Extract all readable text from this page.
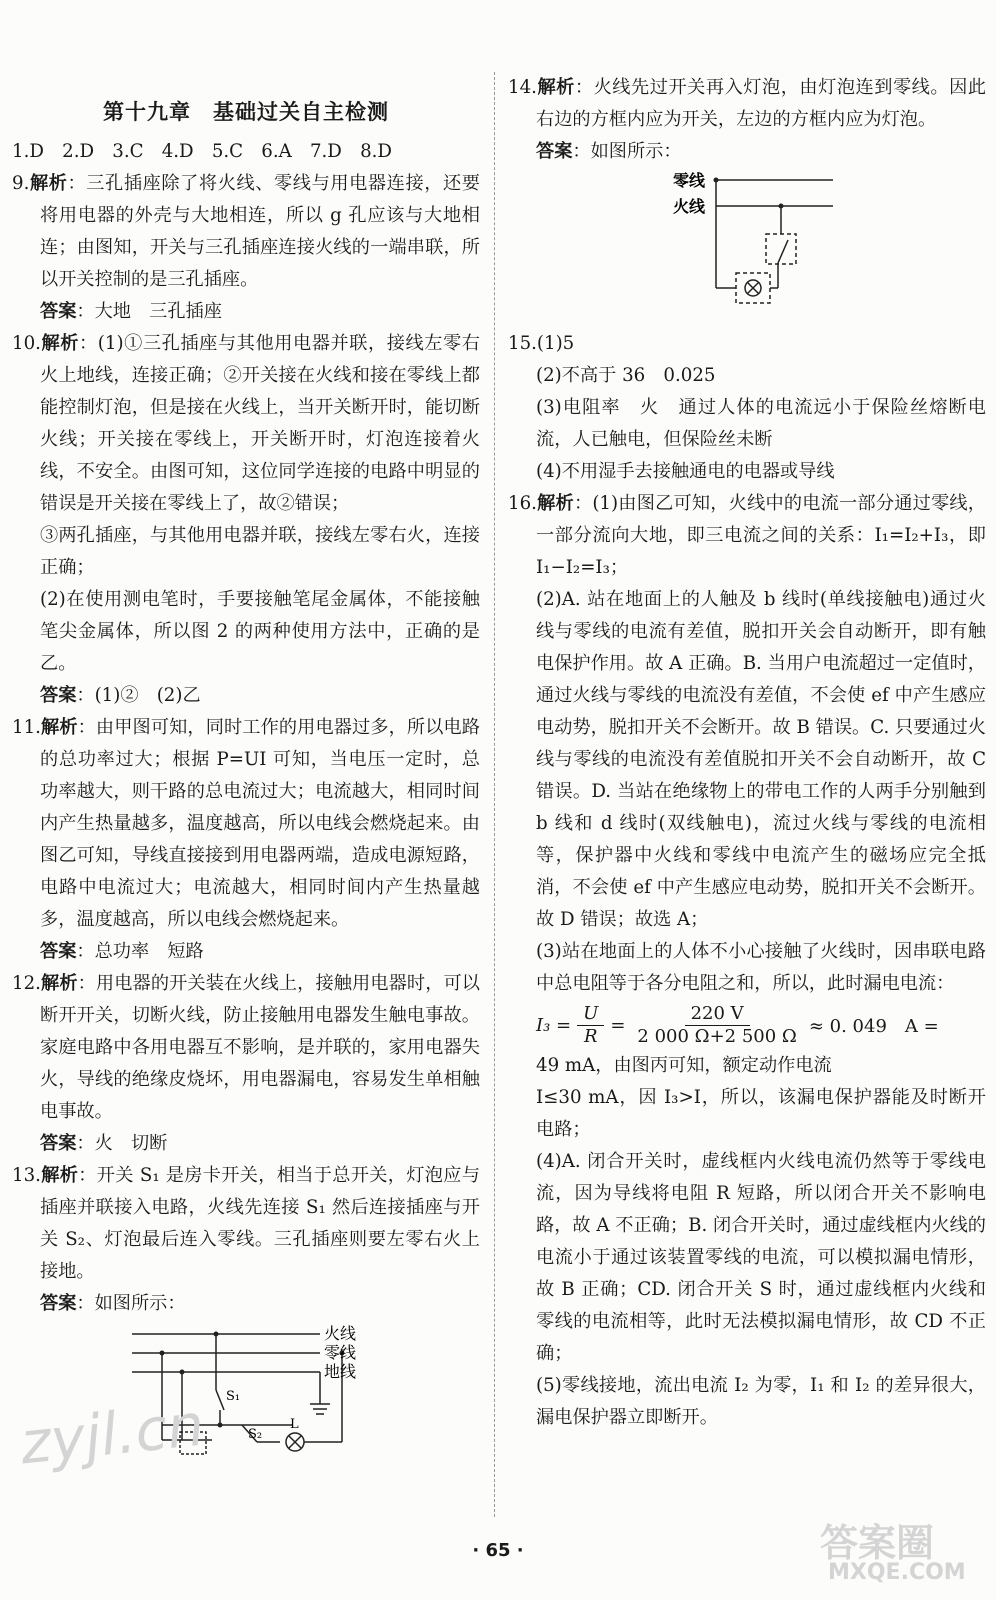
第十九章　基础过关自主检测

1.D　2.D　3.C　4.D　5.C　6.A　7.D　8.D

9.解析：三孔插座除了将火线、零线与用电器连接，还要将用电器的外壳与大地相连，所以 g 孔应该与大地相连；由图知，开关与三孔插座连接火线的一端串联，所以开关控制的是三孔插座。

答案：大地　三孔插座

10.解析：(1)①三孔插座与其他用电器并联，接线左零右火上地线，连接正确；②开关接在火线和接在零线上都能控制灯泡，但是接在火线上，当开关断开时，能切断火线；开关接在零线上，开关断开时，灯泡连接着火线，不安全。由图可知，这位同学连接的电路中明显的错误是开关接在零线上了，故②错误；

③两孔插座，与其他用电器并联，接线左零右火，连接正确；

(2)在使用测电笔时，手要接触笔尾金属体，不能接触笔尖金属体，所以图 2 的两种使用方法中，正确的是乙。

答案：(1)②　(2)乙

11.解析：由甲图可知，同时工作的用电器过多，所以电路的总功率过大；根据 P=UI 可知，当电压一定时，总功率越大，则干路的总电流过大；电流越大，相同时间内产生热量越多，温度越高，所以电线会燃烧起来。由图乙可知，导线直接接到用电器两端，造成电源短路，电路中电流过大；电流越大，相同时间内产生热量越多，温度越高，所以电线会燃烧起来。

答案：总功率　短路

12.解析：用电器的开关装在火线上，接触用电器时，可以断开开关，切断火线，防止接触用电器发生触电事故。家庭电路中各用电器互不影响，是并联的，家用电器失火，导线的绝缘皮烧坏，用电器漏电，容易发生单相触电事故。

答案：火　切断

13.解析：开关 S₁ 是房卡开关，相当于总开关，灯泡应与插座并联接入电路，火线先连接 S₁ 然后连接插座与开关 S₂、灯泡最后连入零线。三孔插座则要左零右火上接地。

答案：如图所示：

火线
零线
地线
S₁
S₂
L

14.解析：火线先过开关再入灯泡，由灯泡连到零线。因此右边的方框内应为开关，左边的方框内应为灯泡。

答案：如图所示：

零线
火线

15.(1)5

(2)不高于 36　0.025

(3)电阻率　火　通过人体的电流远小于保险丝熔断电流，人已触电，但保险丝未断

(4)不用湿手去接触通电的电器或导线

16.解析：(1)由图乙可知，火线中的电流一部分通过零线，一部分流向大地，即三电流之间的关系：I₁=I₂+I₃，即 I₁−I₂=I₃；

(2)A. 站在地面上的人触及 b 线时(单线接触电)通过火线与零线的电流有差值，脱扣开关会自动断开，即有触电保护作用。故 A 正确。B. 当用户电流超过一定值时，通过火线与零线的电流没有差值，不会使 ef 中产生感应电动势，脱扣开关不会断开。故 B 错误。C. 只要通过火线与零线的电流没有差值脱扣开关不会自动断开，故 C 错误。D. 当站在绝缘物上的带电工作的人两手分别触到 b 线和 d 线时(双线触电)，流过火线与零线的电流相等，保护器中火线和零线中电流产生的磁场应完全抵消，不会使 ef 中产生感应电动势，脱扣开关不会断开。故 D 错误；故选 A；

(3)站在地面上的人体不小心接触了火线时，因串联电路中总电阻等于各分电阻之和，所以，此时漏电电流：

$I_3 = \frac{U}{R} = \frac{220 V}{2 000 \Omega+2 500 \Omega} \approx 0$. 049　A =

49 mA，由图丙可知，额定动作电流

I≤30 mA，因 I₃>I，所以，该漏电保护器能及时断开电路；

(4)A. 闭合开关时，虚线框内火线电流仍然等于零线电流，因为导线将电阻 R 短路，所以闭合开关不影响电路，故 A 不正确；B. 闭合开关时，通过虚线框内火线的电流小于通过该装置零线的电流，可以模拟漏电情形，故 B 正确；CD. 闭合开关 S 时，通过虚线框内火线和零线的电流相等，此时无法模拟漏电情形，故 CD 不正确；

(5)零线接地，流出电流 I₂ 为零，I₁ 和 I₂ 的差异很大，漏电保护器立即断开。

· 65 ·
zyjl.cn
答案圈
MXQE.COM
